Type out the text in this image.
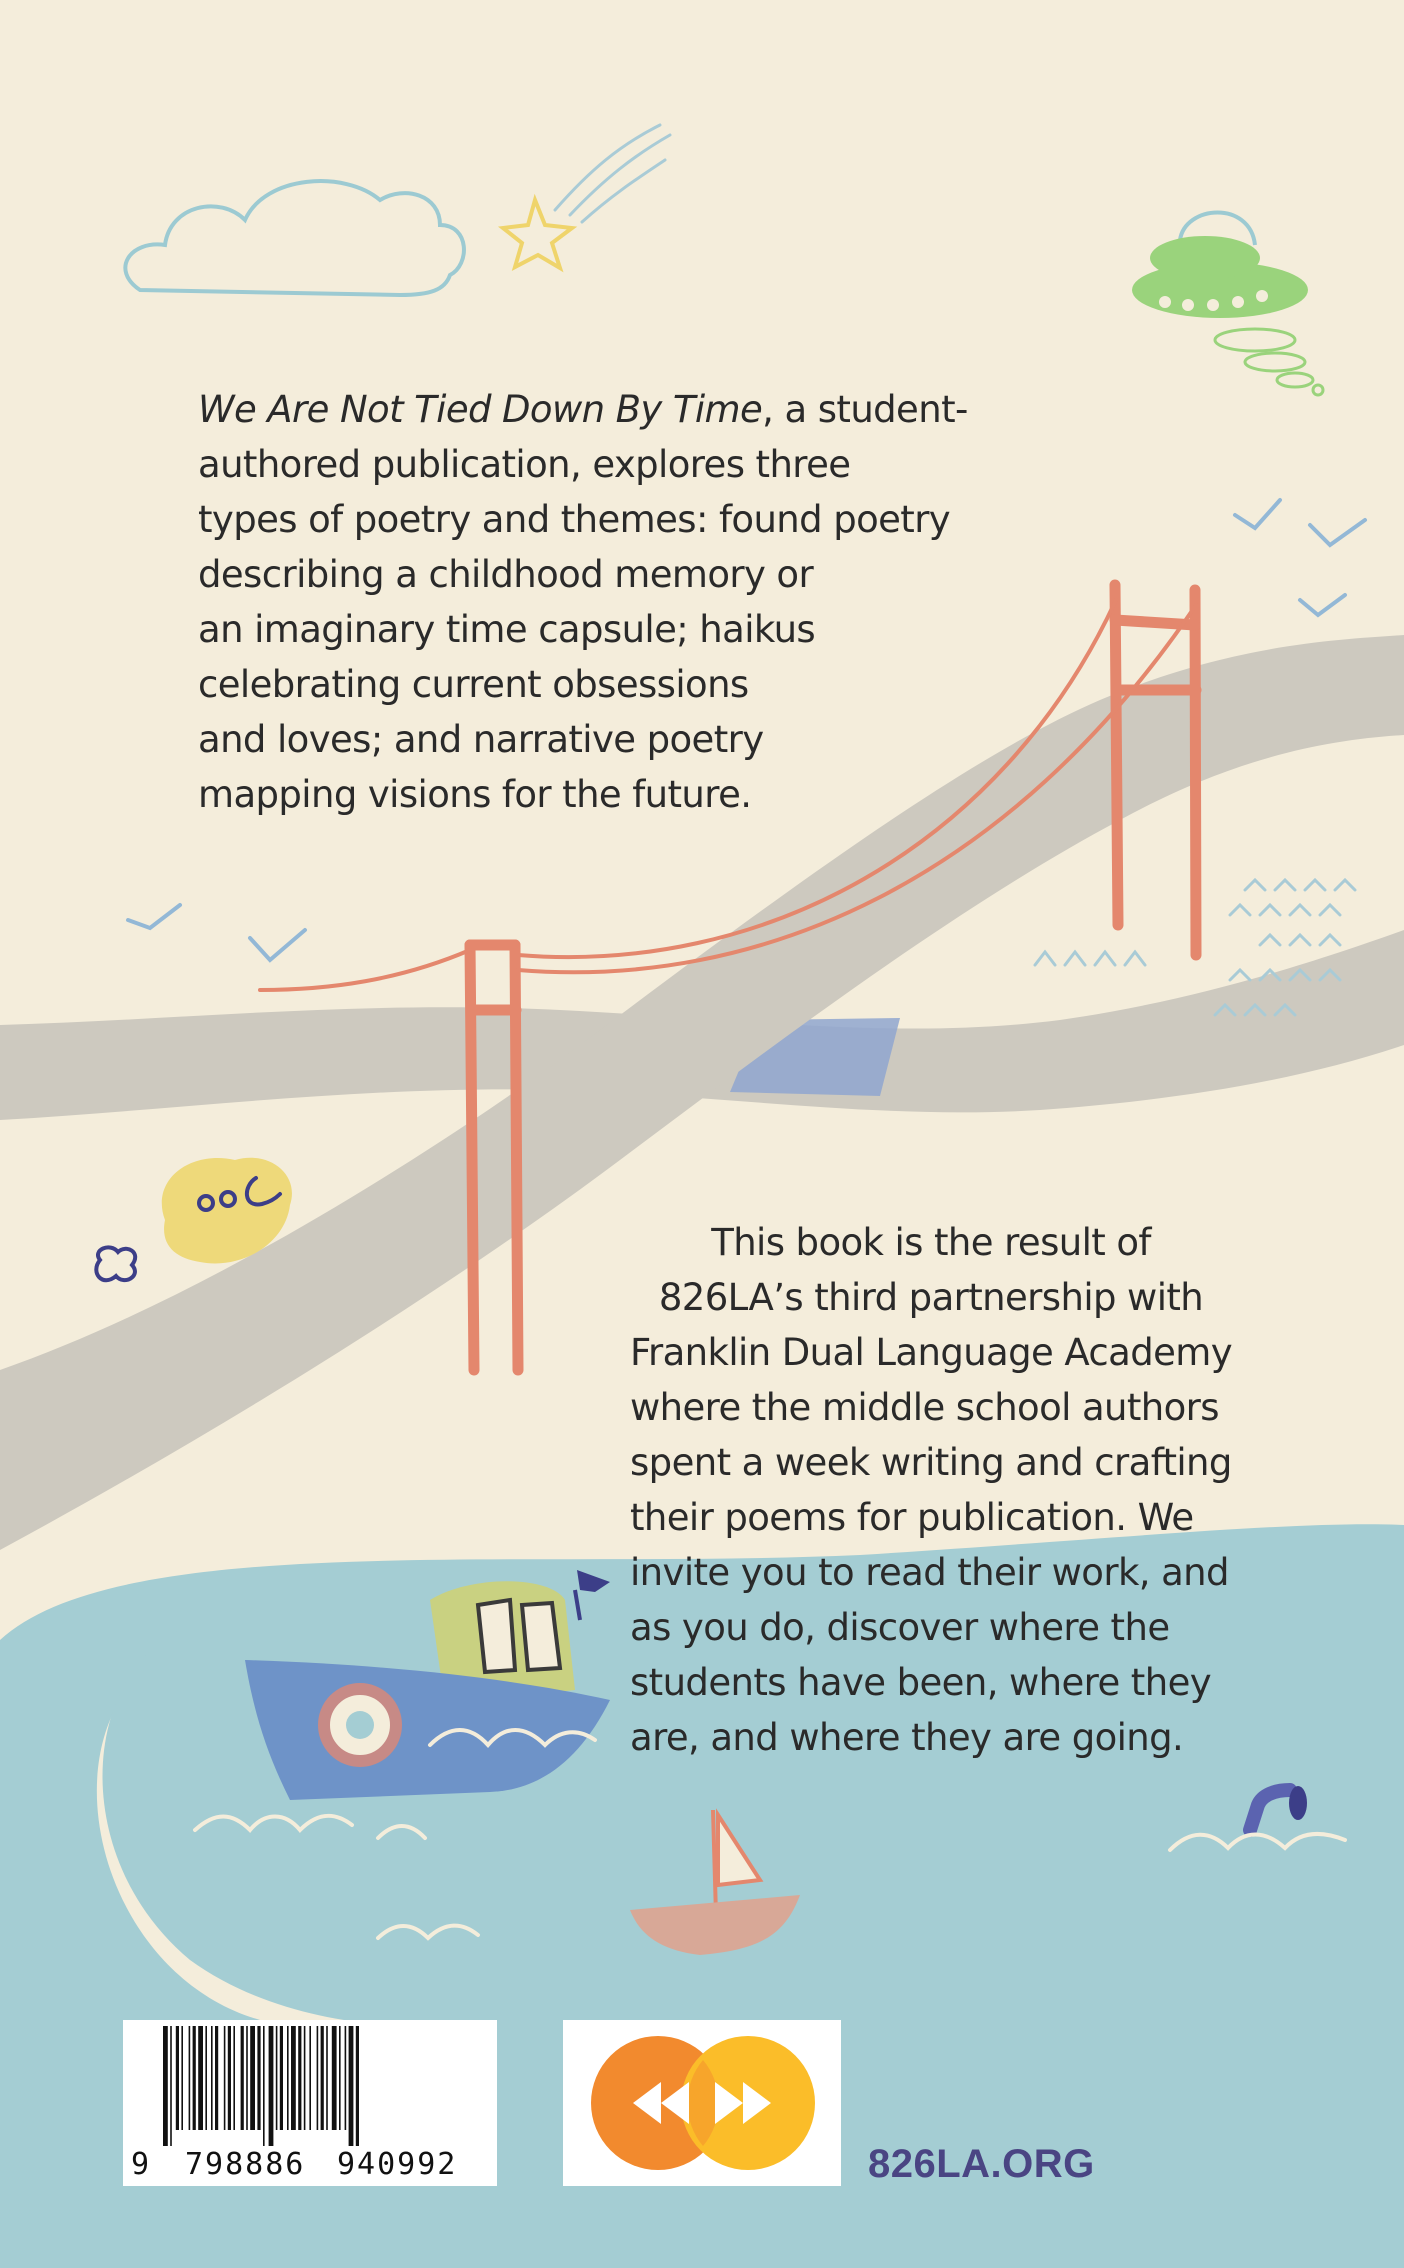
We Are Not Tied Down By Time, a student-
authored publication, explores three
types of poetry and themes: found poetry
describing a childhood memory or
an imaginary time capsule; haikus
celebrating current obsessions
and loves; and narrative poetry
mapping visions for the future.

This book is the result of
826LA’s third partnership with
Franklin Dual Language Academy
where the middle school authors
spent a week writing and crafting
their poems for publication. We
invite you to read their work, and
as you do, discover where the
students have been, where they
are, and where they are going.

9 798886 940992	826LA.ORG
